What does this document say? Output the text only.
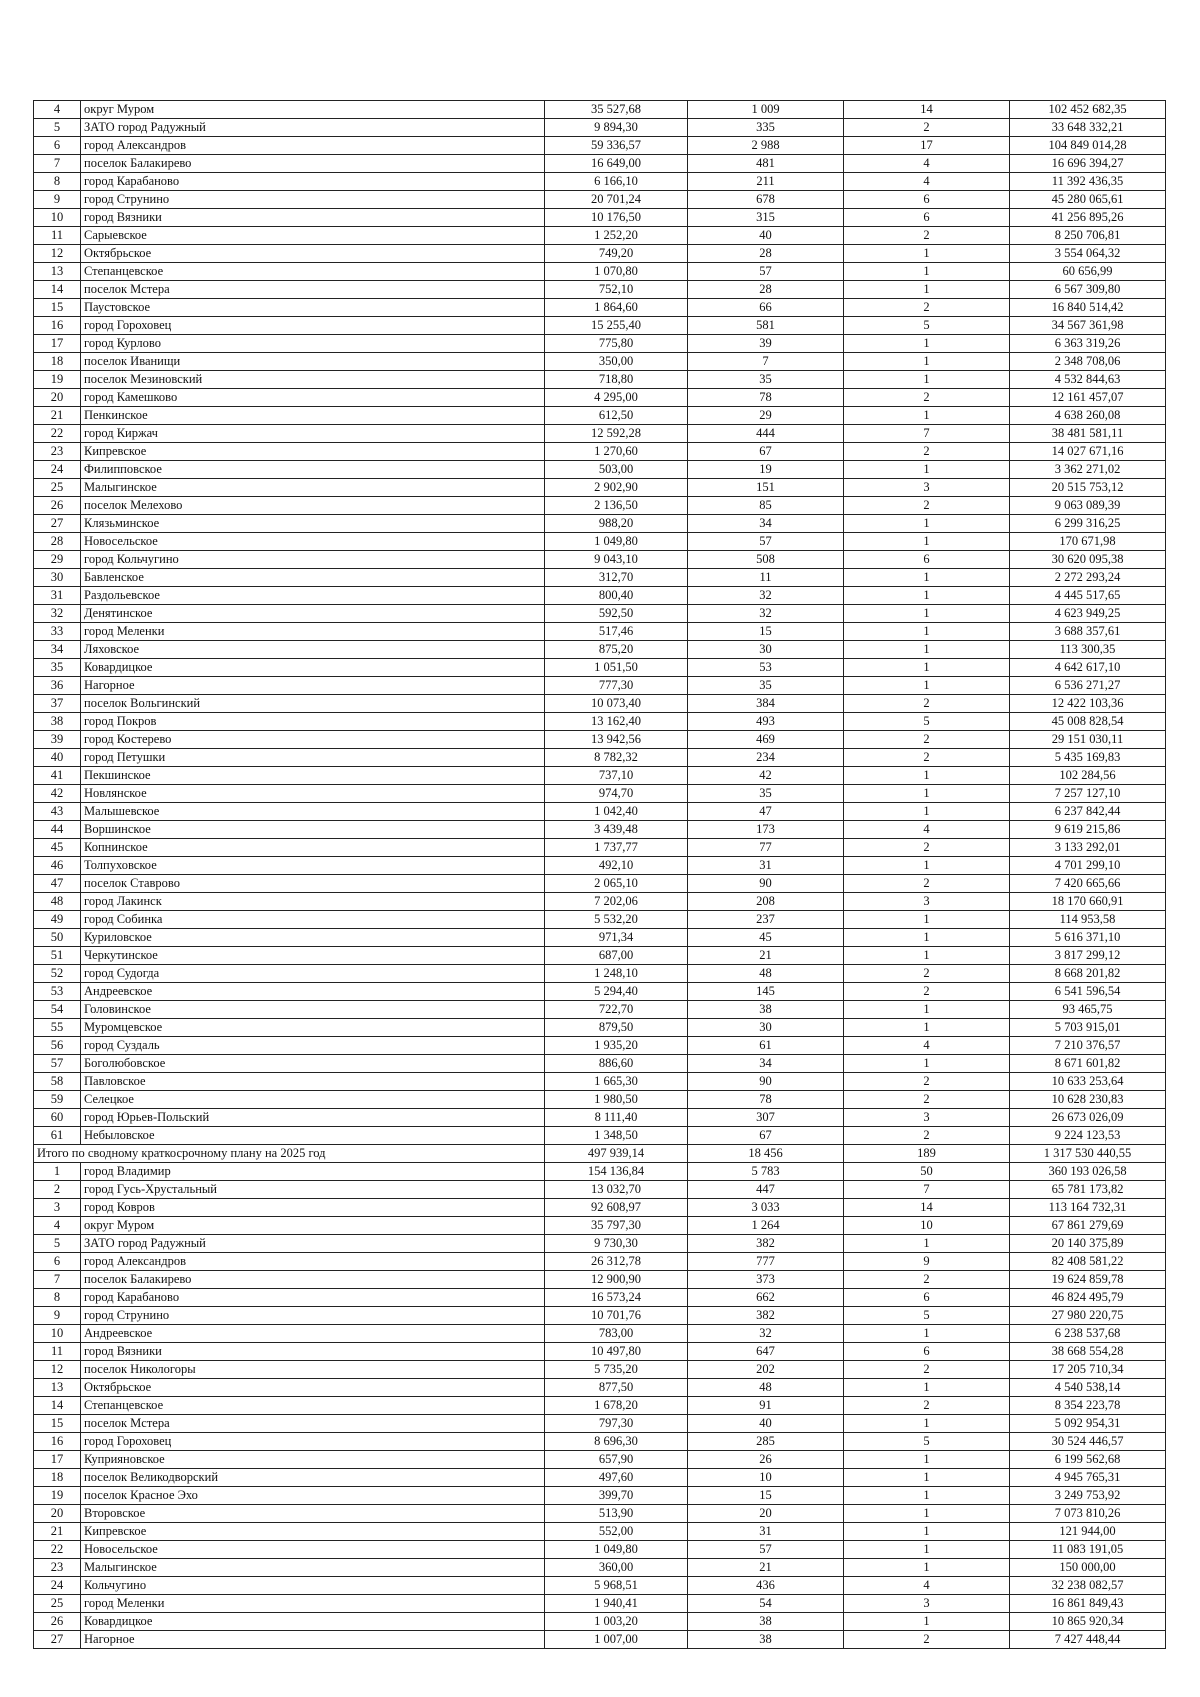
4	округ Муром	35 527,68	1 009	14	102 452 682,35
5	ЗАТО город Радужный	9 894,30	335	2	33 648 332,21
6	город Александров	59 336,57	2 988	17	104 849 014,28
7	поселок Балакирево	16 649,00	481	4	16 696 394,27
8	город Карабаново	6 166,10	211	4	11 392 436,35
9	город Струнино	20 701,24	678	6	45 280 065,61
10	город Вязники	10 176,50	315	6	41 256 895,26
11	Сарыевское	1 252,20	40	2	8 250 706,81
12	Октябрьское	749,20	28	1	3 554 064,32
13	Степанцевское	1 070,80	57	1	60 656,99
14	поселок Мстера	752,10	28	1	6 567 309,80
15	Паустовское	1 864,60	66	2	16 840 514,42
16	город Гороховец	15 255,40	581	5	34 567 361,98
17	город Курлово	775,80	39	1	6 363 319,26
18	поселок Иванищи	350,00	7	1	2 348 708,06
19	поселок Мезиновский	718,80	35	1	4 532 844,63
20	город Камешково	4 295,00	78	2	12 161 457,07
21	Пенкинское	612,50	29	1	4 638 260,08
22	город Киржач	12 592,28	444	7	38 481 581,11
23	Кипревское	1 270,60	67	2	14 027 671,16
24	Филипповское	503,00	19	1	3 362 271,02
25	Малыгинское	2 902,90	151	3	20 515 753,12
26	поселок Мелехово	2 136,50	85	2	9 063 089,39
27	Клязьминское	988,20	34	1	6 299 316,25
28	Новосельское	1 049,80	57	1	170 671,98
29	город Кольчугино	9 043,10	508	6	30 620 095,38
30	Бавленское	312,70	11	1	2 272 293,24
31	Раздольевское	800,40	32	1	4 445 517,65
32	Денятинское	592,50	32	1	4 623 949,25
33	город Меленки	517,46	15	1	3 688 357,61
34	Ляховское	875,20	30	1	113 300,35
35	Ковардицкое	1 051,50	53	1	4 642 617,10
36	Нагорное	777,30	35	1	6 536 271,27
37	поселок Вольгинский	10 073,40	384	2	12 422 103,36
38	город Покров	13 162,40	493	5	45 008 828,54
39	город Костерево	13 942,56	469	2	29 151 030,11
40	город Петушки	8 782,32	234	2	5 435 169,83
41	Пекшинское	737,10	42	1	102 284,56
42	Новлянское	974,70	35	1	7 257 127,10
43	Малышевское	1 042,40	47	1	6 237 842,44
44	Воршинское	3 439,48	173	4	9 619 215,86
45	Копнинское	1 737,77	77	2	3 133 292,01
46	Толпуховское	492,10	31	1	4 701 299,10
47	поселок Ставрово	2 065,10	90	2	7 420 665,66
48	город Лакинск	7 202,06	208	3	18 170 660,91
49	город Собинка	5 532,20	237	1	114 953,58
50	Куриловское	971,34	45	1	5 616 371,10
51	Черкутинское	687,00	21	1	3 817 299,12
52	город Судогда	1 248,10	48	2	8 668 201,82
53	Андреевское	5 294,40	145	2	6 541 596,54
54	Головинское	722,70	38	1	93 465,75
55	Муромцевское	879,50	30	1	5 703 915,01
56	город Суздаль	1 935,20	61	4	7 210 376,57
57	Боголюбовское	886,60	34	1	8 671 601,82
58	Павловское	1 665,30	90	2	10 633 253,64
59	Селецкое	1 980,50	78	2	10 628 230,83
60	город Юрьев-Польский	8 111,40	307	3	26 673 026,09
61	Небыловское	1 348,50	67	2	9 224 123,53
Итого по сводному краткосрочному плану на 2025 год		497 939,14	18 456	189	1 317 530 440,55
1	город Владимир	154 136,84	5 783	50	360 193 026,58
2	город Гусь-Хрустальный	13 032,70	447	7	65 781 173,82
3	город Ковров	92 608,97	3 033	14	113 164 732,31
4	округ Муром	35 797,30	1 264	10	67 861 279,69
5	ЗАТО город Радужный	9 730,30	382	1	20 140 375,89
6	город Александров	26 312,78	777	9	82 408 581,22
7	поселок Балакирево	12 900,90	373	2	19 624 859,78
8	город Карабаново	16 573,24	662	6	46 824 495,79
9	город Струнино	10 701,76	382	5	27 980 220,75
10	Андреевское	783,00	32	1	6 238 537,68
11	город Вязники	10 497,80	647	6	38 668 554,28
12	поселок Никологоры	5 735,20	202	2	17 205 710,34
13	Октябрьское	877,50	48	1	4 540 538,14
14	Степанцевское	1 678,20	91	2	8 354 223,78
15	поселок Мстера	797,30	40	1	5 092 954,31
16	город Гороховец	8 696,30	285	5	30 524 446,57
17	Куприяновское	657,90	26	1	6 199 562,68
18	поселок Великодворский	497,60	10	1	4 945 765,31
19	поселок Красное Эхо	399,70	15	1	3 249 753,92
20	Второвское	513,90	20	1	7 073 810,26
21	Кипревское	552,00	31	1	121 944,00
22	Новосельское	1 049,80	57	1	11 083 191,05
23	Малыгинское	360,00	21	1	150 000,00
24	Кольчугино	5 968,51	436	4	32 238 082,57
25	город Меленки	1 940,41	54	3	16 861 849,43
26	Ковардицкое	1 003,20	38	1	10 865 920,34
27	Нагорное	1 007,00	38	2	7 427 448,44
